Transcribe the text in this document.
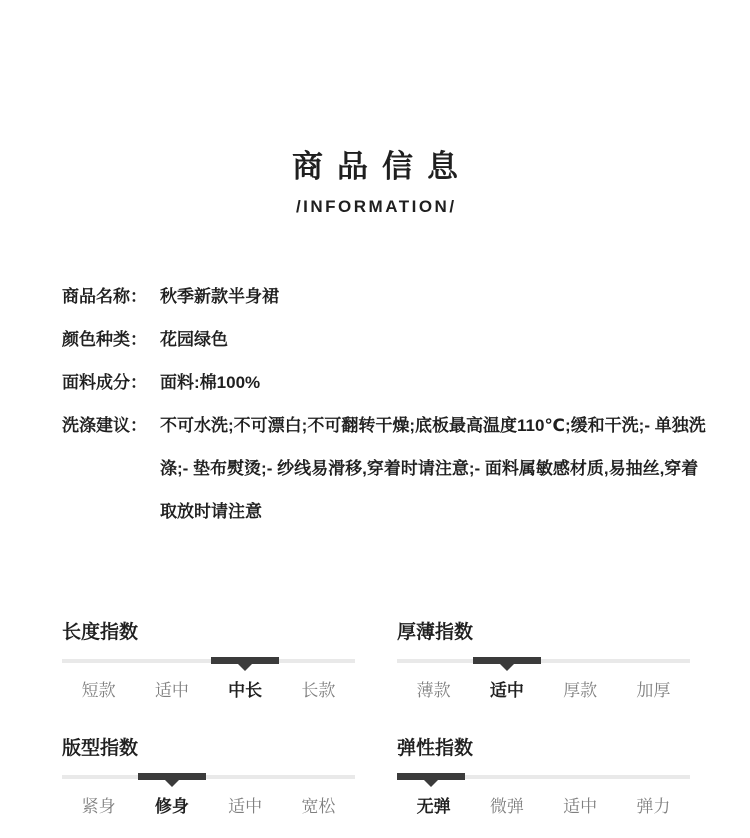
商品信息
/INFORMATION/
商品名称： 秋季新款半身裙
颜色种类： 花园绿色
面料成分： 面料:棉100%
洗涤建议： 不可水洗;不可漂白;不可翻转干燥;底板最高温度110℃;缓和干洗;- 单独洗涤;- 垫布熨烫;- 纱线易滑移,穿着时请注意;- 面料属敏感材质,易抽丝,穿着取放时请注意
长度指数
短款	适中	中长	长款
厚薄指数
薄款	适中	厚款	加厚
版型指数
紧身	修身	适中	宽松
弹性指数
无弹	微弹	适中	弹力
